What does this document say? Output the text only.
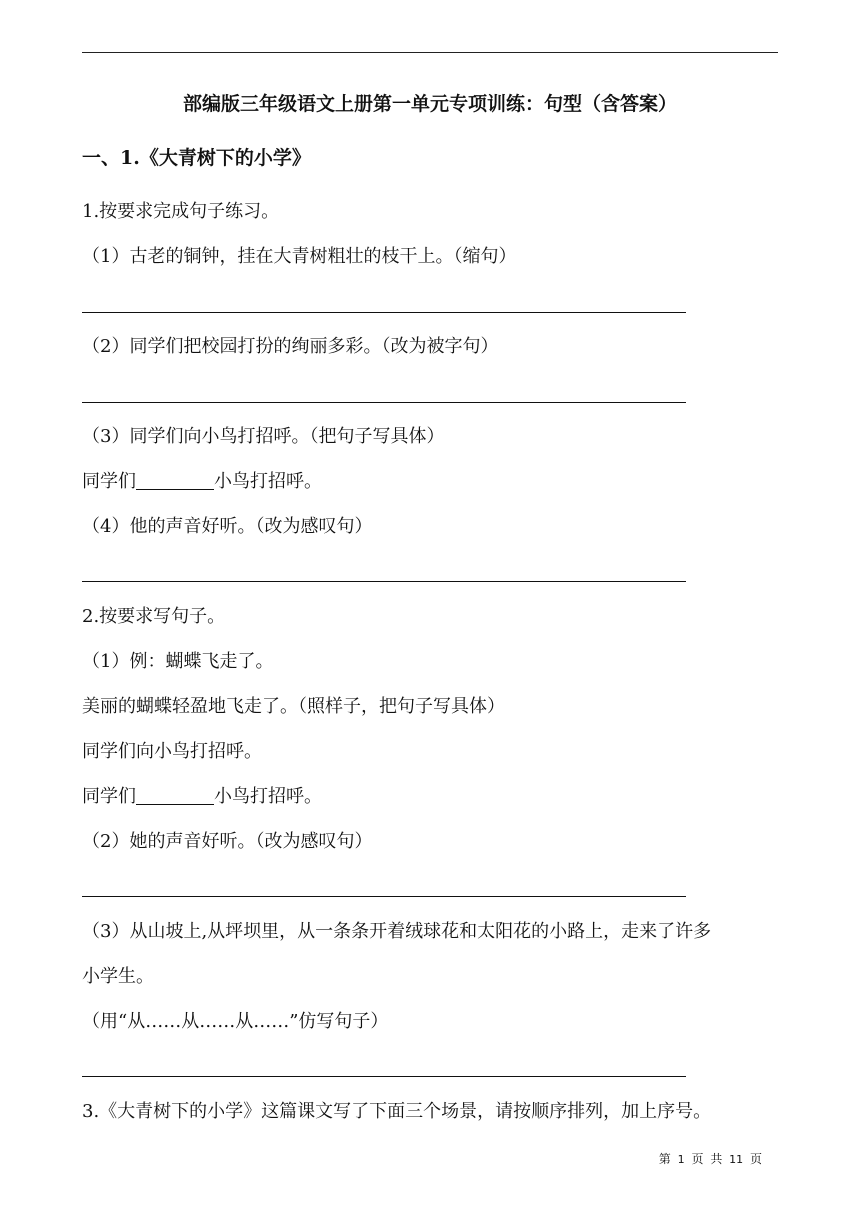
部编版三年级语文上册第一单元专项训练：句型（含答案）
一、1.《大青树下的小学》
1.按要求完成句子练习。
（1）古老的铜钟，挂在大青树粗壮的枝干上。（缩句）
（2）同学们把校园打扮的绚丽多彩。（改为被字句）
（3）同学们向小鸟打招呼。（把句子写具体）
同学们	小鸟打招呼。
（4）他的声音好听。（改为感叹句）
2.按要求写句子。
（1）例：蝴蝶飞走了。
美丽的蝴蝶轻盈地飞走了。（照样子，把句子写具体）
同学们向小鸟打招呼。
同学们	小鸟打招呼。
（2）她的声音好听。（改为感叹句）
（3）从山坡上,从坪坝里，从一条条开着绒球花和太阳花的小路上，走来了许多
小学生。
（用“从……从……从……”仿写句子）
3.《大青树下的小学》这篇课文写了下面三个场景，请按顺序排列，加上序号。
第 1 页 共 11 页
